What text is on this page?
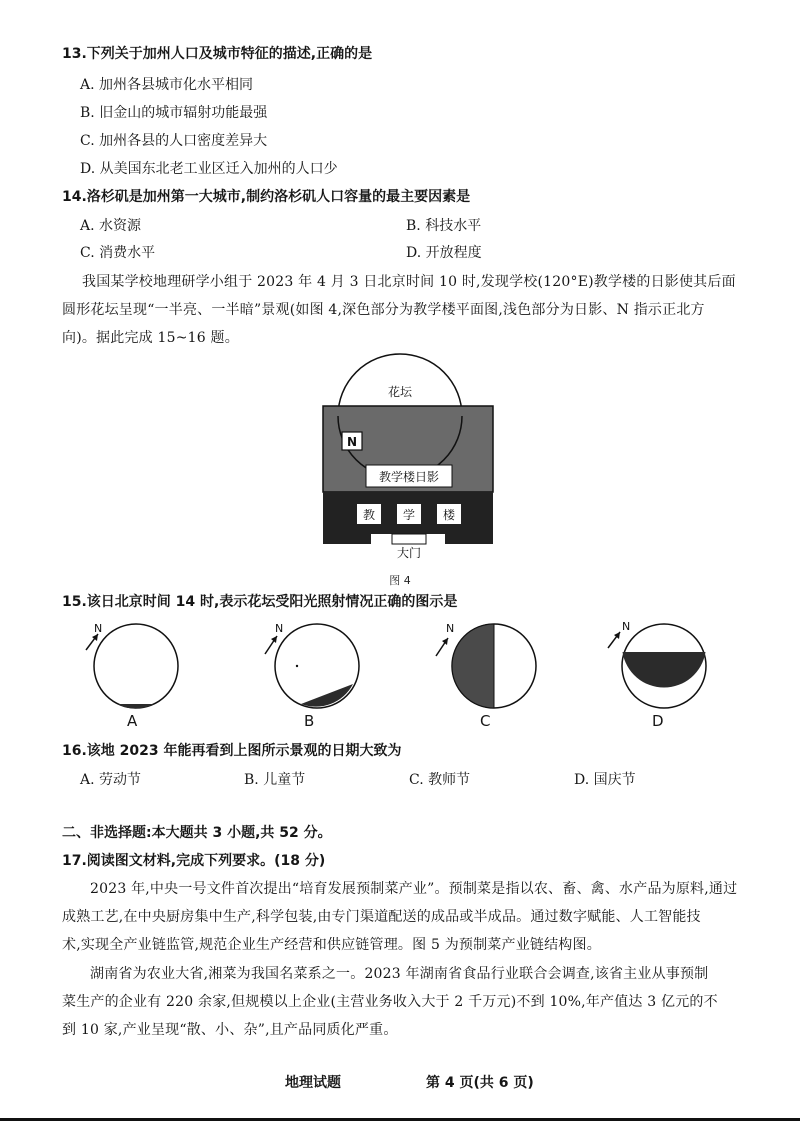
13.下列关于加州人口及城市特征的描述,正确的是
A. 加州各县城市化水平相同
B. 旧金山的城市辐射功能最强
C. 加州各县的人口密度差异大
D. 从美国东北老工业区迁入加州的人口少
14.洛杉矶是加州第一大城市,制约洛杉矶人口容量的最主要因素是
A. 水资源	B. 科技水平
C. 消费水平	D. 开放程度
我国某学校地理研学小组于 2023 年 4 月 3 日北京时间 10 时,发现学校(120°E)教学楼的日影使其后面
圆形花坛呈现“一半亮、一半暗”景观(如图 4,深色部分为教学楼平面图,浅色部分为日影、N 指示正北方
向)。据此完成 15~16 题。
N
教学楼日影
花坛
教 学 楼
大门
图 4
15.该日北京时间 14 时,表示花坛受阳光照射情况正确的图示是
N
A
N
B
N
C
N
D
16.该地 2023 年能再看到上图所示景观的日期大致为
A. 劳动节	B. 儿童节	C. 教师节	D. 国庆节
二、非选择题:本大题共 3 小题,共 52 分。
17.阅读图文材料,完成下列要求。(18 分)
2023 年,中央一号文件首次提出“培育发展预制菜产业”。预制菜是指以农、畜、禽、水产品为原料,通过
成熟工艺,在中央厨房集中生产,科学包装,由专门渠道配送的成品或半成品。通过数字赋能、人工智能技
术,实现全产业链监管,规范企业生产经营和供应链管理。图 5 为预制菜产业链结构图。
湖南省为农业大省,湘菜为我国名菜系之一。2023 年湖南省食品行业联合会调查,该省主业从事预制
菜生产的企业有 220 余家,但规模以上企业(主营业务收入大于 2 千万元)不到 10%,年产值达 3 亿元的不
到 10 家,产业呈现“散、小、杂”,且产品同质化严重。
地理试题	第 4 页(共 6 页)
